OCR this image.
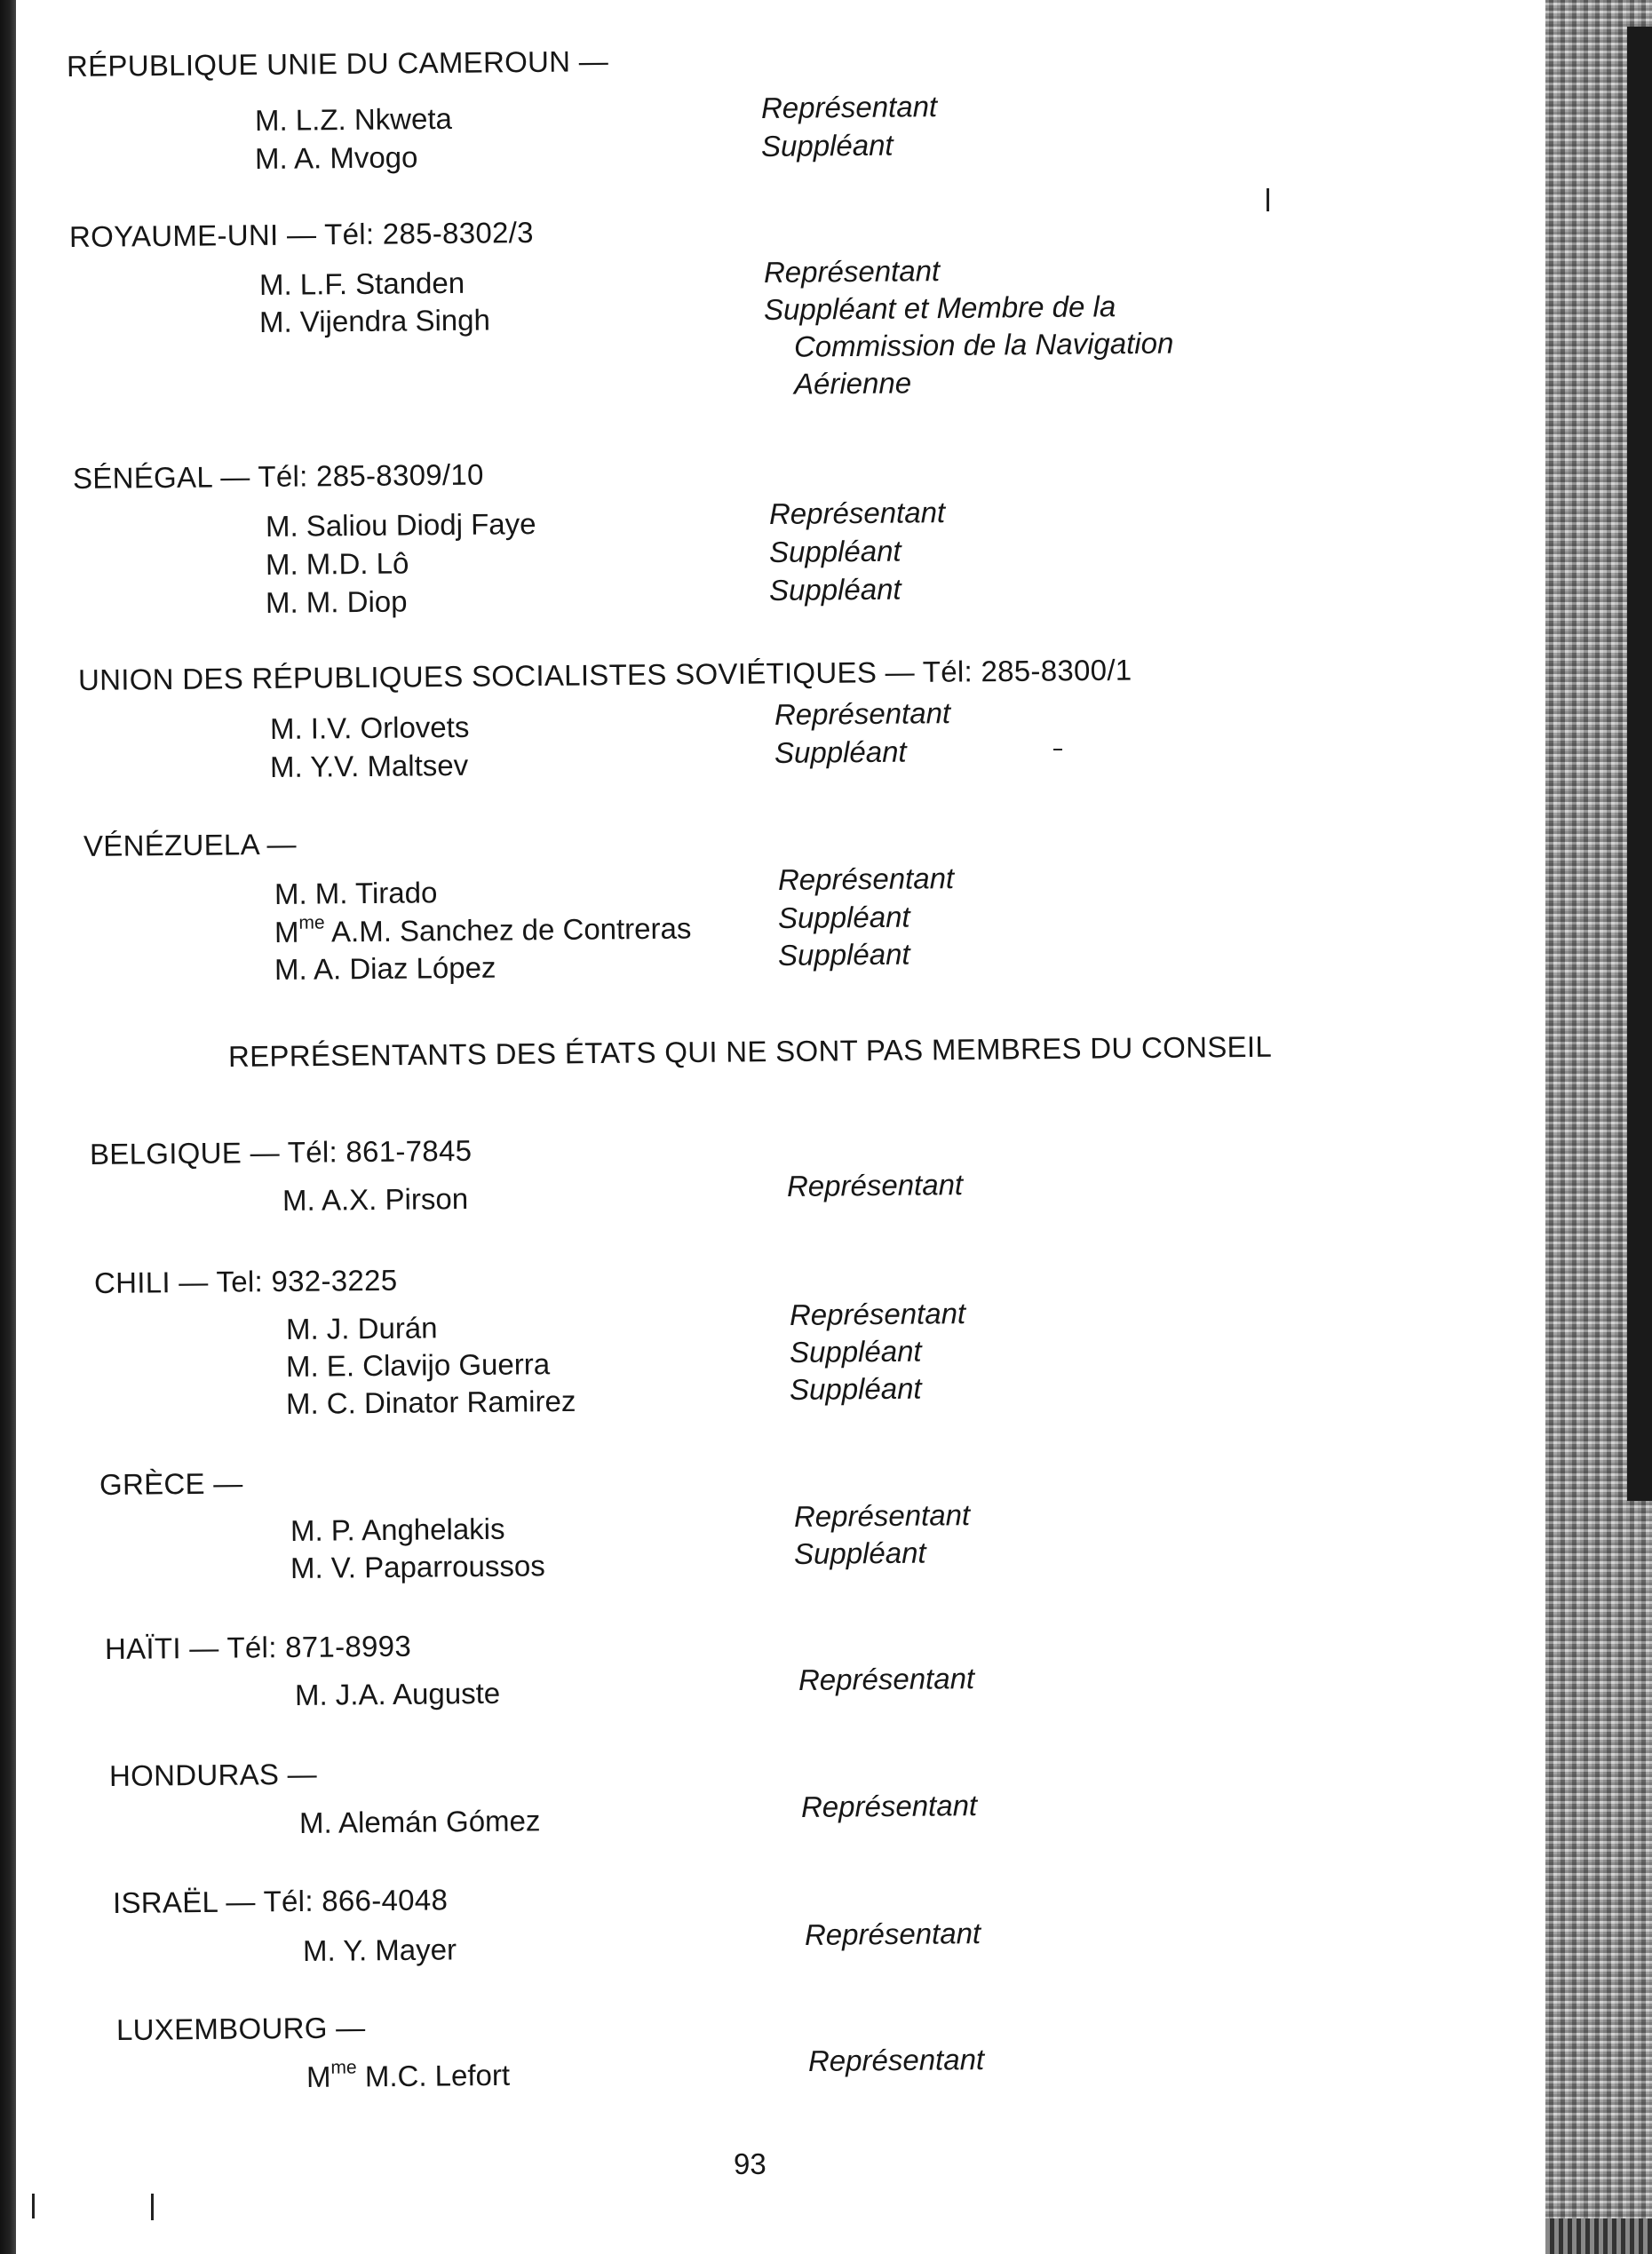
RÉPUBLIQUE UNIE DU CAMEROUN —
M. L.Z. Nkweta	Représentant
M. A. Mvogo	Suppléant
ROYAUME-UNI — Tél: 285-8302/3
M. L.F. Standen	Représentant
M. Vijendra Singh	Suppléant et Membre de la
Commission de la Navigation
Aérienne
SÉNÉGAL — Tél: 285-8309/10
M. Saliou Diodj Faye	Représentant
M. M.D. Lô	Suppléant
M. M. Diop	Suppléant
UNION DES RÉPUBLIQUES SOCIALISTES SOVIÉTIQUES — Tél: 285-8300/1
M. I.V. Orlovets	Représentant
M. Y.V. Maltsev	Suppléant
VÉNÉZUELA —
M. M. Tirado	Représentant
$M^{me}$ A.M. Sanchez de Contreras	Suppléant
M. A. Diaz López	Suppléant
REPRÉSENTANTS DES ÉTATS QUI NE SONT PAS MEMBRES DU CONSEIL
BELGIQUE — Tél: 861-7845
M. A.X. Pirson	Représentant
CHILI — Tel: 932-3225
M. J. Durán	Représentant
M. E. Clavijo Guerra	Suppléant
M. C. Dinator Ramirez	Suppléant
GRÈCE —
M. P. Anghelakis	Représentant
M. V. Paparroussos	Suppléant
HAÏTI — Tél: 871-8993
M. J.A. Auguste	Représentant
HONDURAS —
M. Alemán Gómez	Représentant
ISRAËL — Tél: 866-4048
M. Y. Mayer	Représentant
LUXEMBOURG —
$M^{me}$ M.C. Lefort	Représentant
93
